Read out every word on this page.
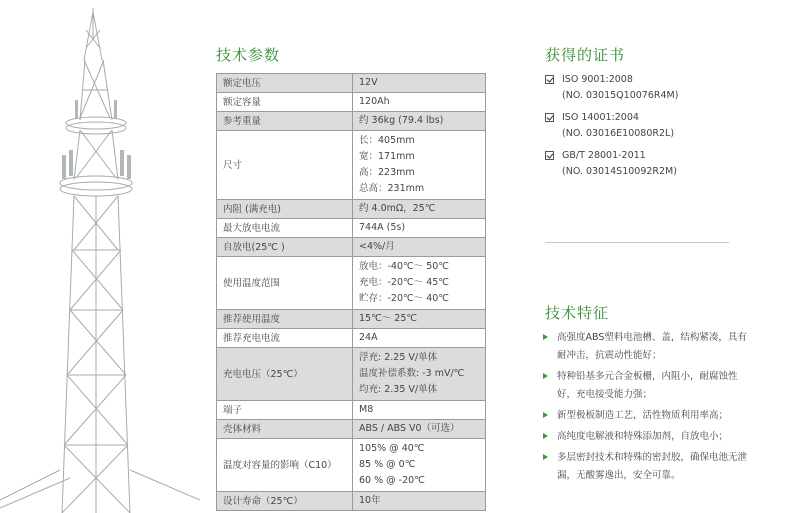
技术参数
额定电压	12V

额定容量	120Ah

参考重量	约 36kg (79.4 lbs)

尺寸	长：405mm
宽：171mm
高：223mm
总高：231mm

内阻 (满充电)	约 4.0mΩ，25℃

最大放电电流	744A (5s)

自放电(25℃ )	<4%/月

使用温度范围	放电：-40℃～ 50℃
充电：-20℃～ 45℃
贮存：-20℃～ 40℃

推荐使用温度	15℃～ 25℃

推荐充电电流	24A

充电电压（25℃）	浮充: 2.25 V/单体
温度补偿系数: -3 mV/℃
均充: 2.35 V/单体

端子	M8

壳体材料	ABS / ABS V0（可选）

温度对容量的影响（C10）	105% @ 40℃
85 % @ 0℃
60 % @ -20℃

设计寿命（25℃）	10年
获得的证书
ISO 9001:2008
(NO. 03015Q10076R4M)
ISO 14001:2004
(NO. 03016E10080R2L)
GB/T 28001-2011
(NO. 03014S10092R2M)
技术特征
高强度ABS塑料电池槽、盖，结构紧凑，具有耐冲击，抗震动性能好；
特种铅基多元合金板栅，内阻小，耐腐蚀性好，充电接受能力强；
新型极板制造工艺，活性物质利用率高；
高纯度电解液和特殊添加剂，自放电小；
多层密封技术和特殊的密封胶，确保电池无泄漏，无酸雾逸出，安全可靠。
